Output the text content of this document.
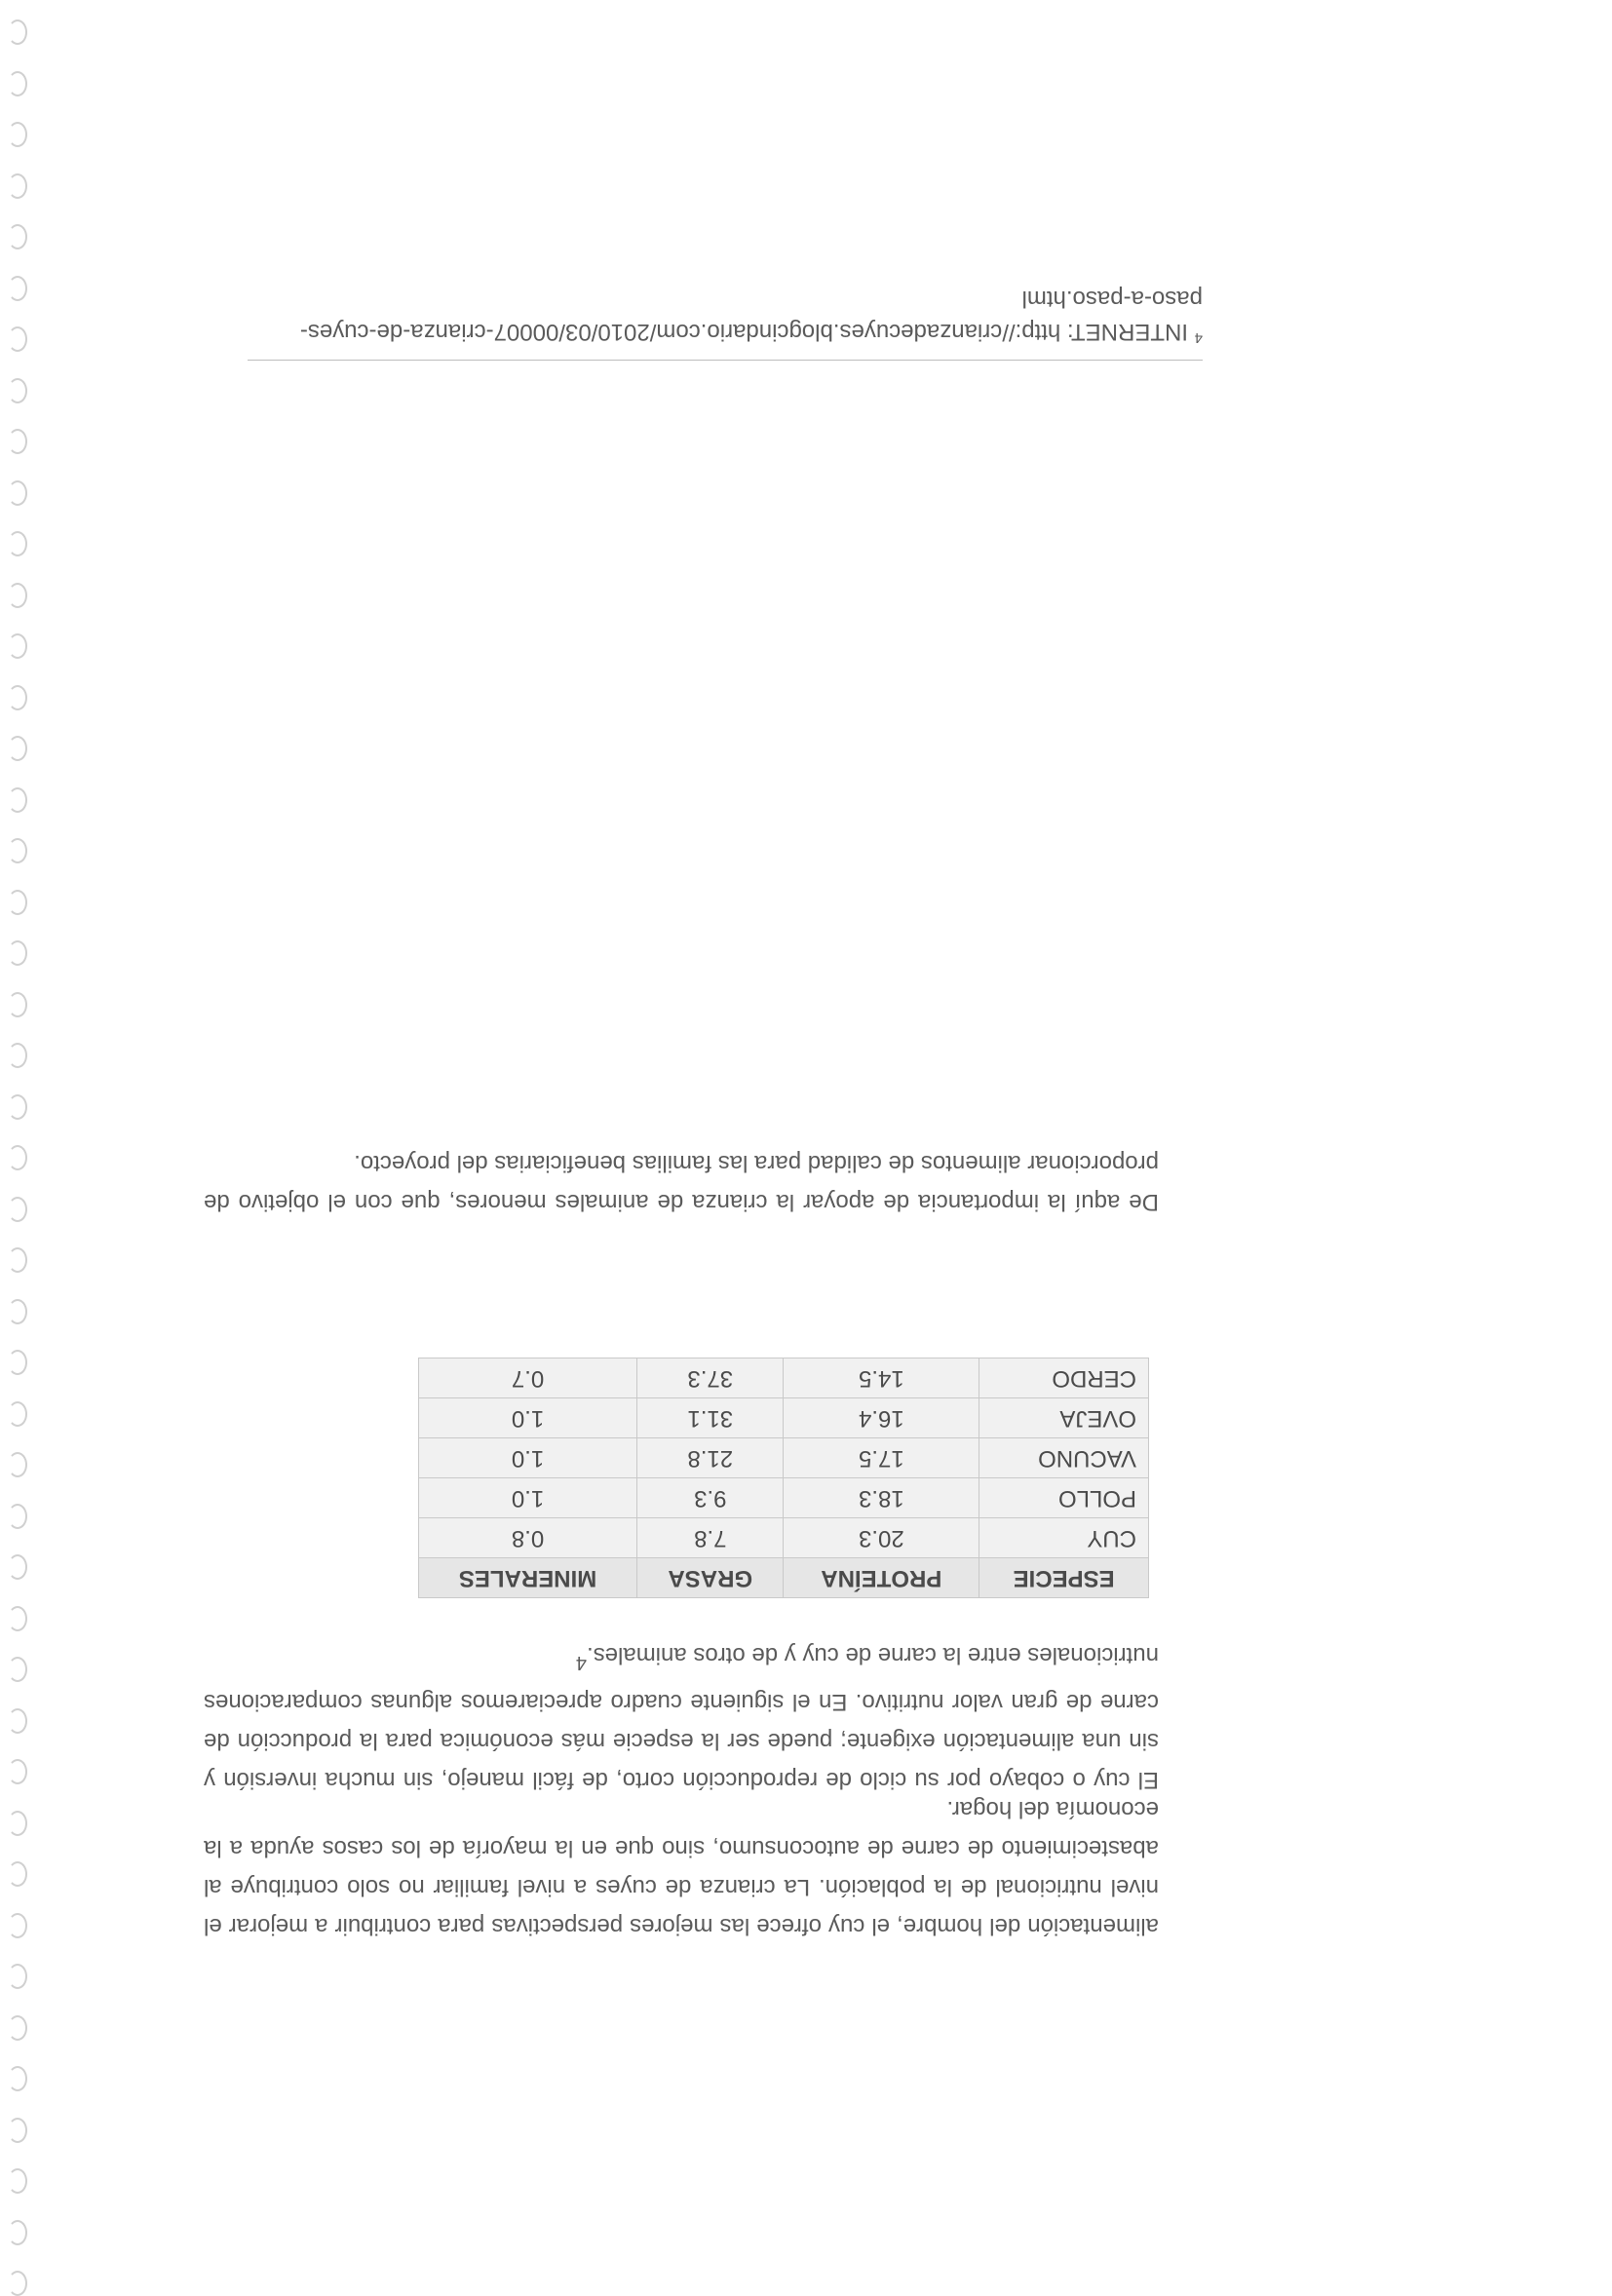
alimentación del hombre, el cuy ofrece las mejores perspectivas para contribuir a mejorar el nivel nutricional de la población. La crianza de cuyes a nivel familiar no solo contribuye al abastecimiento de carne de autoconsumo, sino que en la mayoría de los casos ayuda a la economía del hogar.

El cuy o cobayo por su ciclo de reproducción corto, de fácil manejo, sin mucha inversión y sin una alimentación exigente; puede ser la especie más económica para la producción de carne de gran valor nutritivo. En el siguiente cuadro apreciaremos algunas comparaciones nutricionales entre la carne de cuy y de otros animales.$^4$

ESPECIE	PROTEÍNA	GRASA	MINERALES
CUY	20.3	7.8	0.8
POLLO	18.3	9.3	1.0
VACUNO	17.5	21.8	1.0
OVEJA	16.4	31.1	1.0
CERDO	14.5	37.3	0.7

De aquí la importancia de apoyar la crianza de animales menores, que con el objetivo de proporcionar alimentos de calidad para las familias beneficiarias del proyecto.

$^4$ INTERNET: http://crianzadecuyes.blogcindario.com/2010/03/00007-crianza-de-cuyes-paso-a-paso.html
